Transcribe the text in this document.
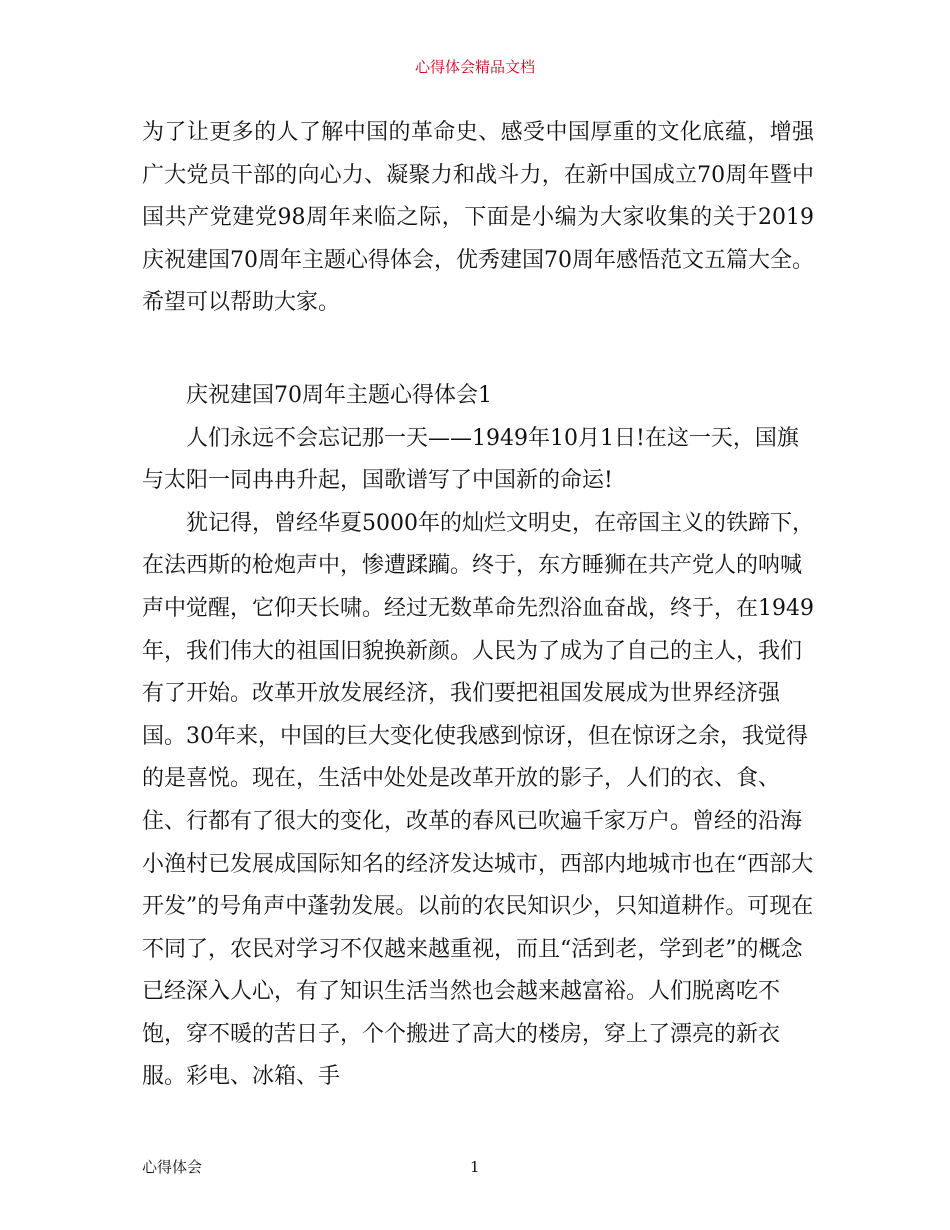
心得体会精品文档

为了让更多的人了解中国的革命史、感受中国厚重的文化底蕴，增强广大党员干部的向心力、凝聚力和战斗力，在新中国成立70周年暨中国共产党建党98周年来临之际，下面是小编为大家收集的关于2019庆祝建国70周年主题心得体会，优秀建国70周年感悟范文五篇大全。希望可以帮助大家。

庆祝建国70周年主题心得体会1

人们永远不会忘记那一天——1949年10月1日!在这一天，国旗与太阳一同冉冉升起，国歌谱写了中国新的命运!

犹记得，曾经华夏5000年的灿烂文明史，在帝国主义的铁蹄下，在法西斯的枪炮声中，惨遭蹂躏。终于，东方睡狮在共产党人的呐喊声中觉醒，它仰天长啸。经过无数革命先烈浴血奋战，终于，在1949年，我们伟大的祖国旧貌换新颜。人民为了成为了自己的主人，我们有了开始。改革开放发展经济，我们要把祖国发展成为世界经济强国。30年来，中国的巨大变化使我感到惊讶，但在惊讶之余，我觉得的是喜悦。现在，生活中处处是改革开放的影子，人们的衣、食、住、行都有了很大的变化，改革的春风已吹遍千家万户。曾经的沿海小渔村已发展成国际知名的经济发达城市，西部内地城市也在“西部大开发”的号角声中蓬勃发展。以前的农民知识少，只知道耕作。可现在不同了，农民对学习不仅越来越重视，而且“活到老，学到老”的概念已经深入人心，有了知识生活当然也会越来越富裕。人们脱离吃不饱，穿不暖的苦日子，个个搬进了高大的楼房，穿上了漂亮的新衣服。彩电、冰箱、手

心得体会	1
